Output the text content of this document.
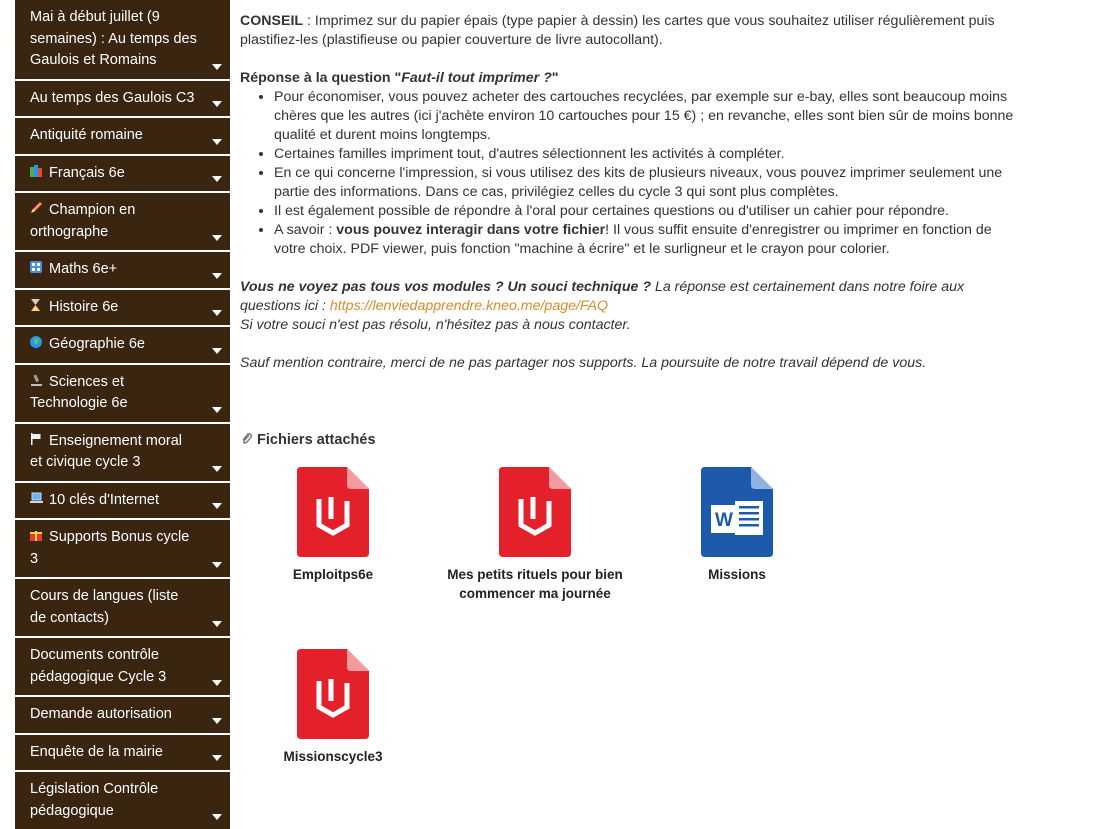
Mai à début juillet (9 semaines) : Au temps des Gaulois et Romains
Au temps des Gaulois C3
Antiquité romaine
Français 6e
Champion en orthographe
Maths 6e+
Histoire 6e
Géographie 6e
Sciences et Technologie 6e
Enseignement moral et civique cycle 3
10 clés d'Internet
Supports Bonus cycle 3
Cours de langues (liste de contacts)
Documents contrôle pédagogique Cycle 3
Demande autorisation
Enquête de la mairie
Législation Contrôle pédagogique

CONSEIL : Imprimez sur du papier épais (type papier à dessin) les cartes que vous souhaitez utiliser régulièrement puis plastifiez-les (plastifieuse ou papier couverture de livre autocollant).

Réponse à la question "Faut-il tout imprimer ?"

• Pour économiser, vous pouvez acheter des cartouches recyclées, par exemple sur e-bay, elles sont beaucoup moins chères que les autres (ici j'achète environ 10 cartouches pour 15 €) ; en revanche, elles sont bien sûr de moins bonne qualité et durent moins longtemps.
• Certaines familles impriment tout, d'autres sélectionnent les activités à compléter.
• En ce qui concerne l'impression, si vous utilisez des kits de plusieurs niveaux, vous pouvez imprimer seulement une partie des informations. Dans ce cas, privilégiez celles du cycle 3 qui sont plus complètes.
• Il est également possible de répondre à l'oral pour certaines questions ou d'utiliser un cahier pour répondre.
• A savoir : vous pouvez interagir dans votre fichier! Il vous suffit ensuite d'enregistrer ou imprimer en fonction de votre choix. PDF viewer, puis fonction "machine à écrire" et le surligneur et le crayon pour colorier.

Vous ne voyez pas tous vos modules ? Un souci technique ? La réponse est certainement dans notre foire aux questions ici : https://lenviedapprendre.kneo.me/page/FAQ

Si votre souci n'est pas résolu, n'hésitez pas à nous contacter.

Sauf mention contraire, merci de ne pas partager nos supports. La poursuite de notre travail dépend de vous.

Fichiers attachés
Emploitps6e	Mes petits rituels pour bien commencer ma journée
W
Missions
Missionscycle3
